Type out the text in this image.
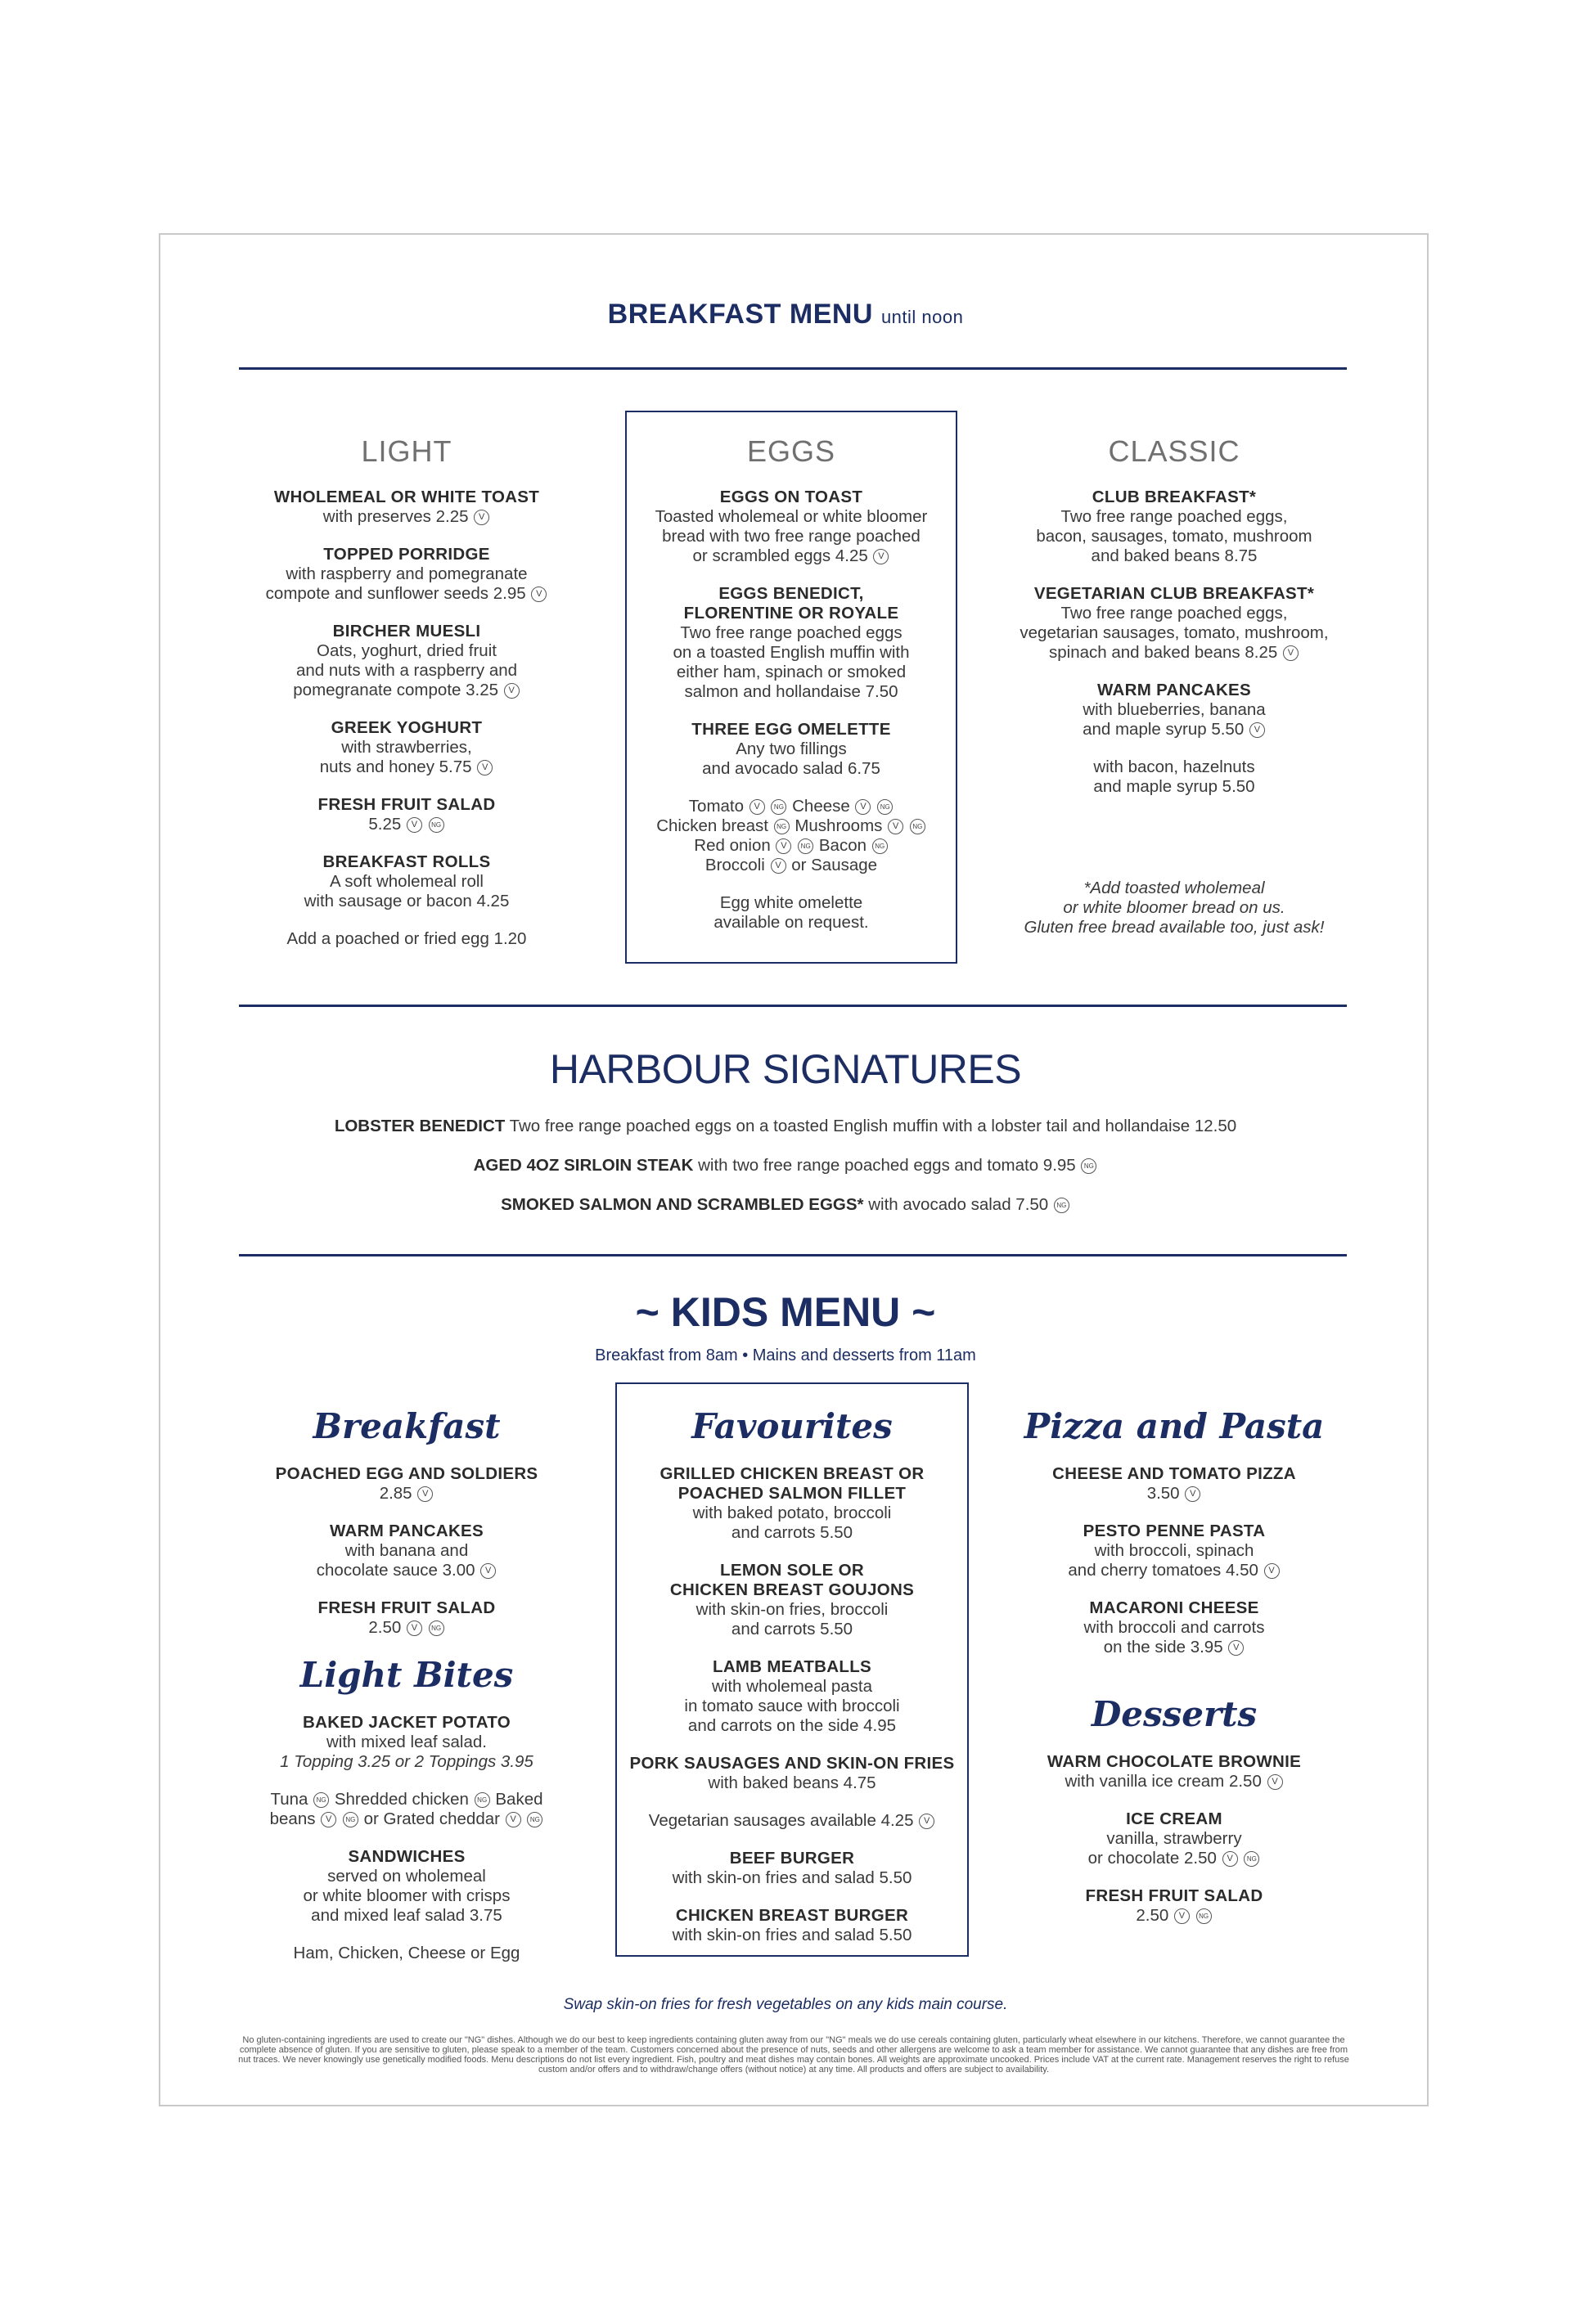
BREAKFAST MENU until noon
LIGHT
WHOLEMEAL OR WHITE TOAST
with preserves 2.25 V
TOPPED PORRIDGE
with raspberry and pomegranate
compote and sunflower seeds 2.95 V
BIRCHER MUESLI
Oats, yoghurt, dried fruit
and nuts with a raspberry and
pomegranate compote 3.25 V
GREEK YOGHURT
with strawberries,
nuts and honey 5.75 V
FRESH FRUIT SALAD
5.25 V NG
BREAKFAST ROLLS
A soft wholemeal roll
with sausage or bacon 4.25
Add a poached or fried egg 1.20
EGGS
EGGS ON TOAST
Toasted wholemeal or white bloomer
bread with two free range poached
or scrambled eggs 4.25 V
EGGS BENEDICT,
FLORENTINE OR ROYALE
Two free range poached eggs
on a toasted English muffin with
either ham, spinach or smoked
salmon and hollandaise 7.50
THREE EGG OMELETTE
Any two fillings
and avocado salad 6.75
Tomato V NG Cheese V NG
Chicken breast NG Mushrooms V NG
Red onion V NG Bacon NG
Broccoli V or Sausage
Egg white omelette
available on request.
CLASSIC
CLUB BREAKFAST*
Two free range poached eggs,
bacon, sausages, tomato, mushroom
and baked beans 8.75
VEGETARIAN CLUB BREAKFAST*
Two free range poached eggs,
vegetarian sausages, tomato, mushroom,
spinach and baked beans 8.25 V
WARM PANCAKES
with blueberries, banana
and maple syrup 5.50 V
with bacon, hazelnuts
and maple syrup 5.50
*Add toasted wholemeal
or white bloomer bread on us.
Gluten free bread available too, just ask!
HARBOUR SIGNATURES
LOBSTER BENEDICT Two free range poached eggs on a toasted English muffin with a lobster tail and hollandaise 12.50
AGED 4OZ SIRLOIN STEAK with two free range poached eggs and tomato 9.95 NG
SMOKED SALMON AND SCRAMBLED EGGS* with avocado salad 7.50 NG
~ KIDS MENU ~
Breakfast from 8am • Mains and desserts from 11am
Breakfast
POACHED EGG AND SOLDIERS
2.85 V
WARM PANCAKES
with banana and
chocolate sauce 3.00 V
FRESH FRUIT SALAD
2.50 V NG
Light Bites
BAKED JACKET POTATO
with mixed leaf salad.
1 Topping 3.25 or 2 Toppings 3.95
Tuna NG Shredded chicken NG Baked
beans V NG or Grated cheddar V NG
SANDWICHES
served on wholemeal
or white bloomer with crisps
and mixed leaf salad 3.75
Ham, Chicken, Cheese or Egg
Favourites
GRILLED CHICKEN BREAST OR
POACHED SALMON FILLET
with baked potato, broccoli
and carrots 5.50
LEMON SOLE OR
CHICKEN BREAST GOUJONS
with skin-on fries, broccoli
and carrots 5.50
LAMB MEATBALLS
with wholemeal pasta
in tomato sauce with broccoli
and carrots on the side 4.95
PORK SAUSAGES AND SKIN-ON FRIES
with baked beans 4.75
Vegetarian sausages available 4.25 V
BEEF BURGER
with skin-on fries and salad 5.50
CHICKEN BREAST BURGER
with skin-on fries and salad 5.50
Pizza and Pasta
CHEESE AND TOMATO PIZZA
3.50 V
PESTO PENNE PASTA
with broccoli, spinach
and cherry tomatoes 4.50 V
MACARONI CHEESE
with broccoli and carrots
on the side 3.95 V
Desserts
WARM CHOCOLATE BROWNIE
with vanilla ice cream 2.50 V
ICE CREAM
vanilla, strawberry
or chocolate 2.50 V NG
FRESH FRUIT SALAD
2.50 V NG
Swap skin-on fries for fresh vegetables on any kids main course.
No gluten-containing ingredients are used to create our "NG" dishes. Although we do our best to keep ingredients containing gluten away from our "NG" meals we do use cereals containing gluten, particularly wheat elsewhere in our kitchens. Therefore, we cannot guarantee the complete absence of gluten. If you are sensitive to gluten, please speak to a member of the team. Customers concerned about the presence of nuts, seeds and other allergens are welcome to ask a team member for assistance. We cannot guarantee that any dishes are free from nut traces. We never knowingly use genetically modified foods. Menu descriptions do not list every ingredient. Fish, poultry and meat dishes may contain bones. All weights are approximate uncooked. Prices include VAT at the current rate. Management reserves the right to refuse custom and/or offers and to withdraw/change offers (without notice) at any time. All products and offers are subject to availability.
